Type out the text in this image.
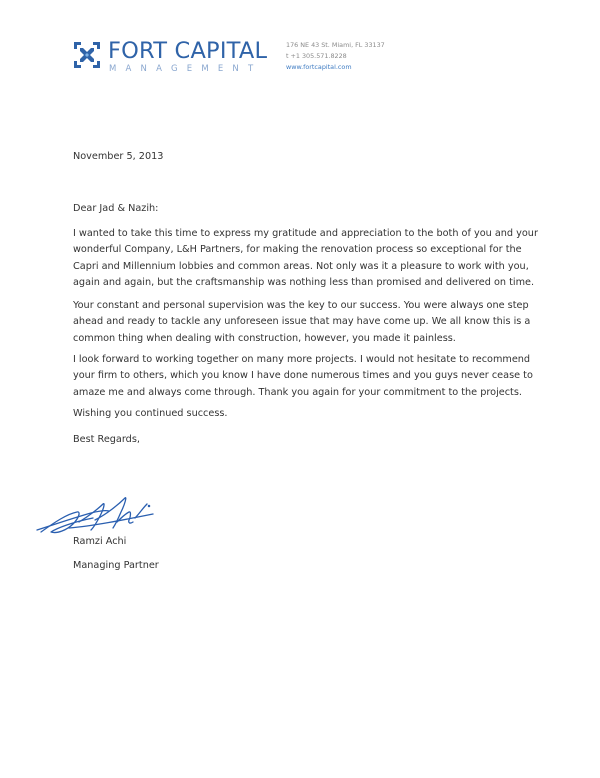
FORT CAPITAL
MANAGEMENT
176 NE 43 St. Miami, FL 33137
t +1 305.571.8228
www.fortcapital.com
November 5, 2013
Dear Jad & Nazih:

I wanted to take this time to express my gratitude and appreciation to the both of you and your wonderful Company, L&H Partners, for making the renovation process so exceptional for the Capri and Millennium lobbies and common areas. Not only was it a pleasure to work with you, again and again, but the craftsmanship was nothing less than promised and delivered on time.

Your constant and personal supervision was the key to our success. You were always one step ahead and ready to tackle any unforeseen issue that may have come up. We all know this is a common thing when dealing with construction, however, you made it painless.

I look forward to working together on many more projects. I would not hesitate to recommend your firm to others, which you know I have done numerous times and you guys never cease to amaze me and always come through. Thank you again for your commitment to the projects.

Wishing you continued success.
Best Regards,
Ramzi Achi
Managing Partner
